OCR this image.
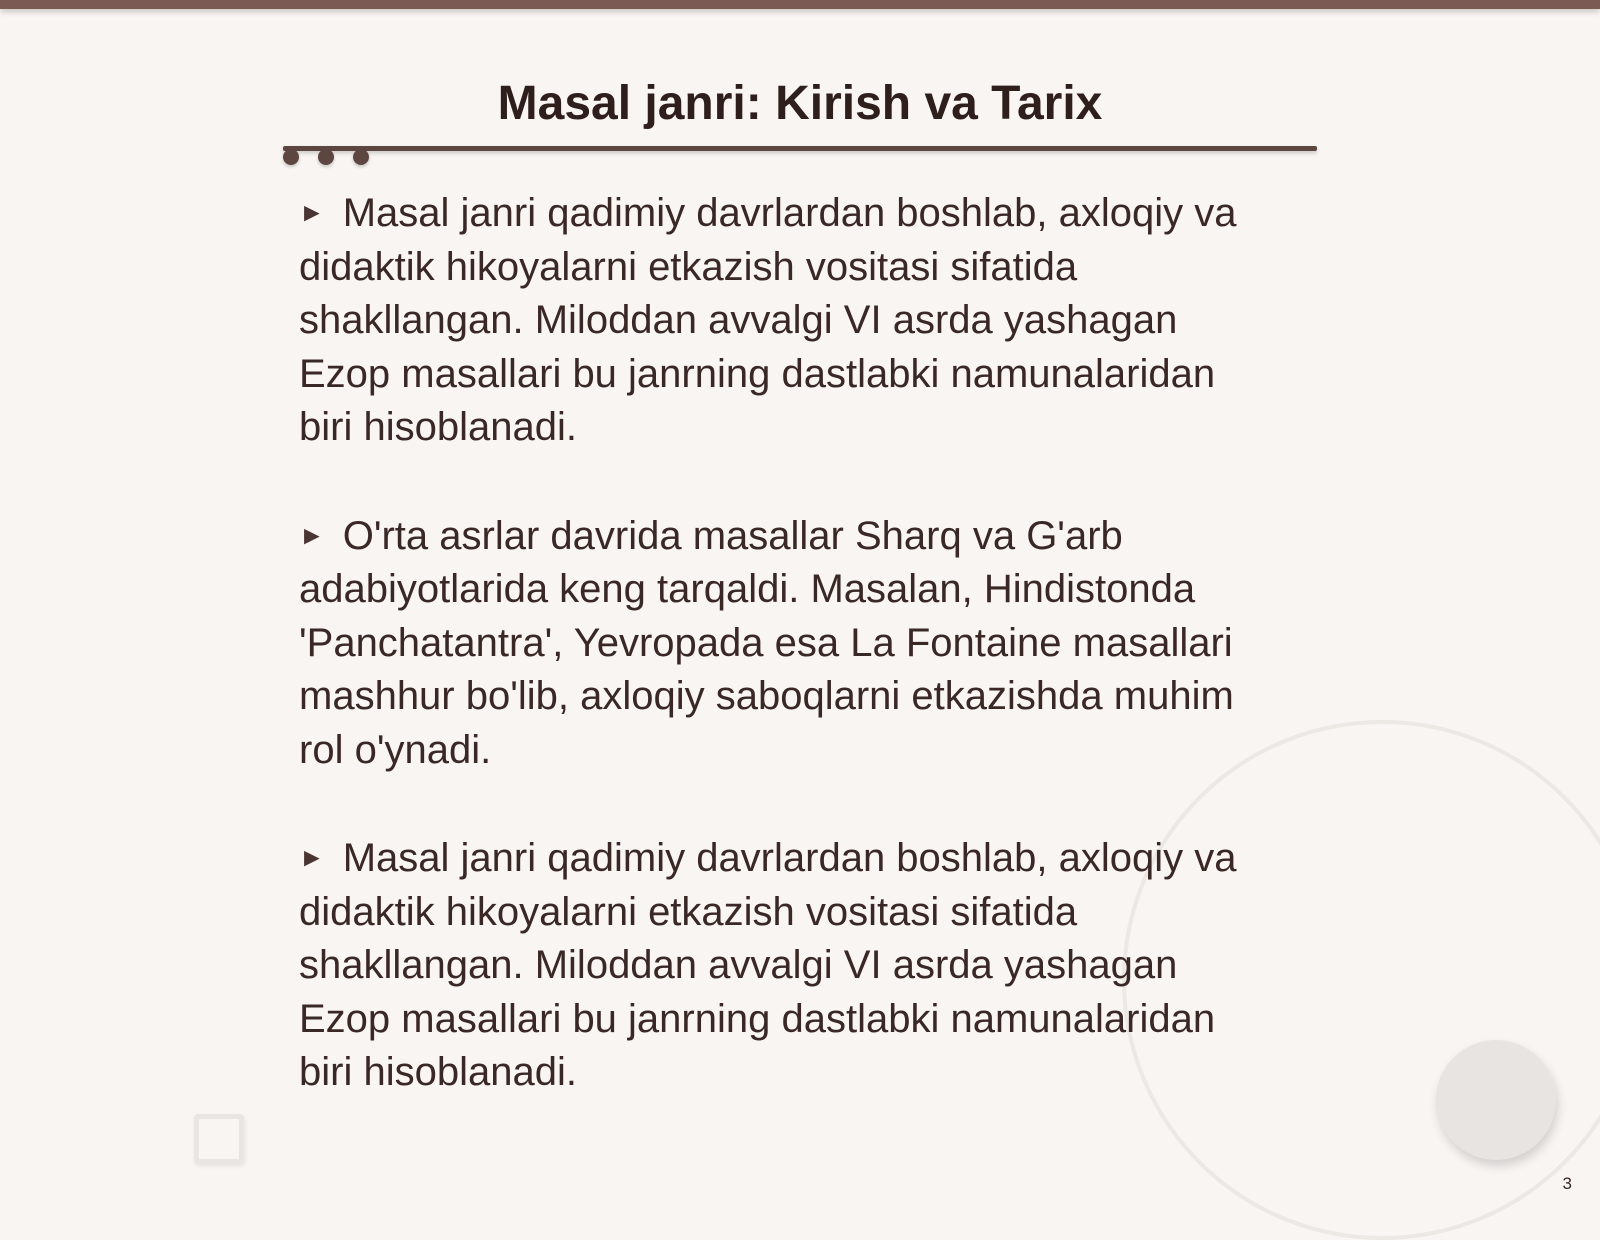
Masal janri: Kirish va Tarix

► Masal janri qadimiy davrlardan boshlab, axloqiy va didaktik hikoyalarni etkazish vositasi sifatida shakllangan. Miloddan avvalgi VI asrda yashagan Ezop masallari bu janrning dastlabki namunalaridan biri hisoblanadi.

► O'rta asrlar davrida masallar Sharq va G'arb adabiyotlarida keng tarqaldi. Masalan, Hindistonda 'Panchatantra', Yevropada esa La Fontaine masallari mashhur bo'lib, axloqiy saboqlarni etkazishda muhim rol o'ynadi.

► Masal janri qadimiy davrlardan boshlab, axloqiy va didaktik hikoyalarni etkazish vositasi sifatida shakllangan. Miloddan avvalgi VI asrda yashagan Ezop masallari bu janrning dastlabki namunalaridan biri hisoblanadi.

3
